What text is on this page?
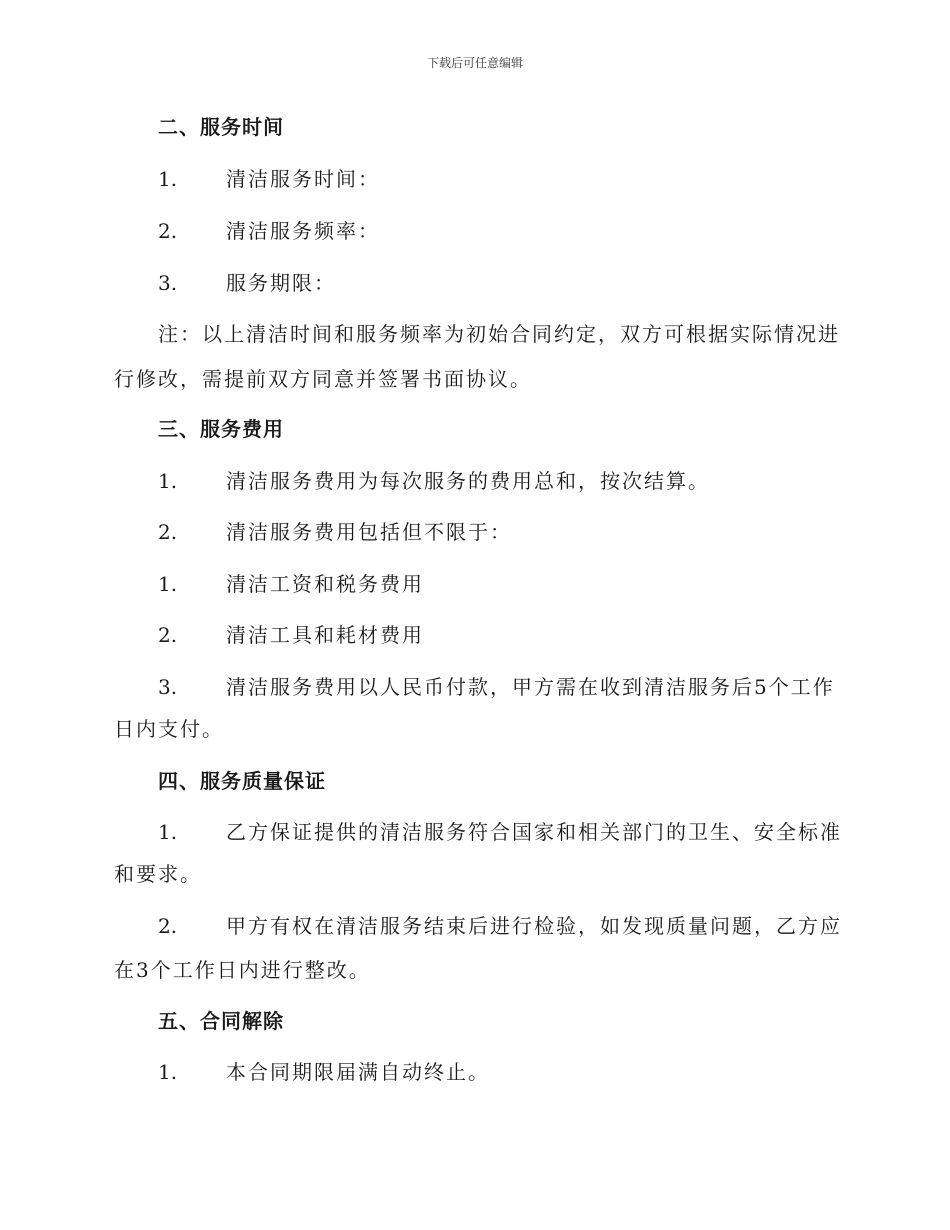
下载后可任意编辑
二、服务时间
1. 清洁服务时间：
2. 清洁服务频率：
3. 服务期限：
注：以上清洁时间和服务频率为初始合同约定，双方可根据实际情况进
行修改，需提前双方同意并签署书面协议。
三、服务费用
1. 清洁服务费用为每次服务的费用总和，按次结算。
2. 清洁服务费用包括但不限于：
1. 清洁工资和税务费用
2. 清洁工具和耗材费用
3. 清洁服务费用以人民币付款，甲方需在收到清洁服务后5个工作
日内支付。
四、服务质量保证
1. 乙方保证提供的清洁服务符合国家和相关部门的卫生、安全标准
和要求。
2. 甲方有权在清洁服务结束后进行检验，如发现质量问题，乙方应
在3个工作日内进行整改。
五、合同解除
1. 本合同期限届满自动终止。
